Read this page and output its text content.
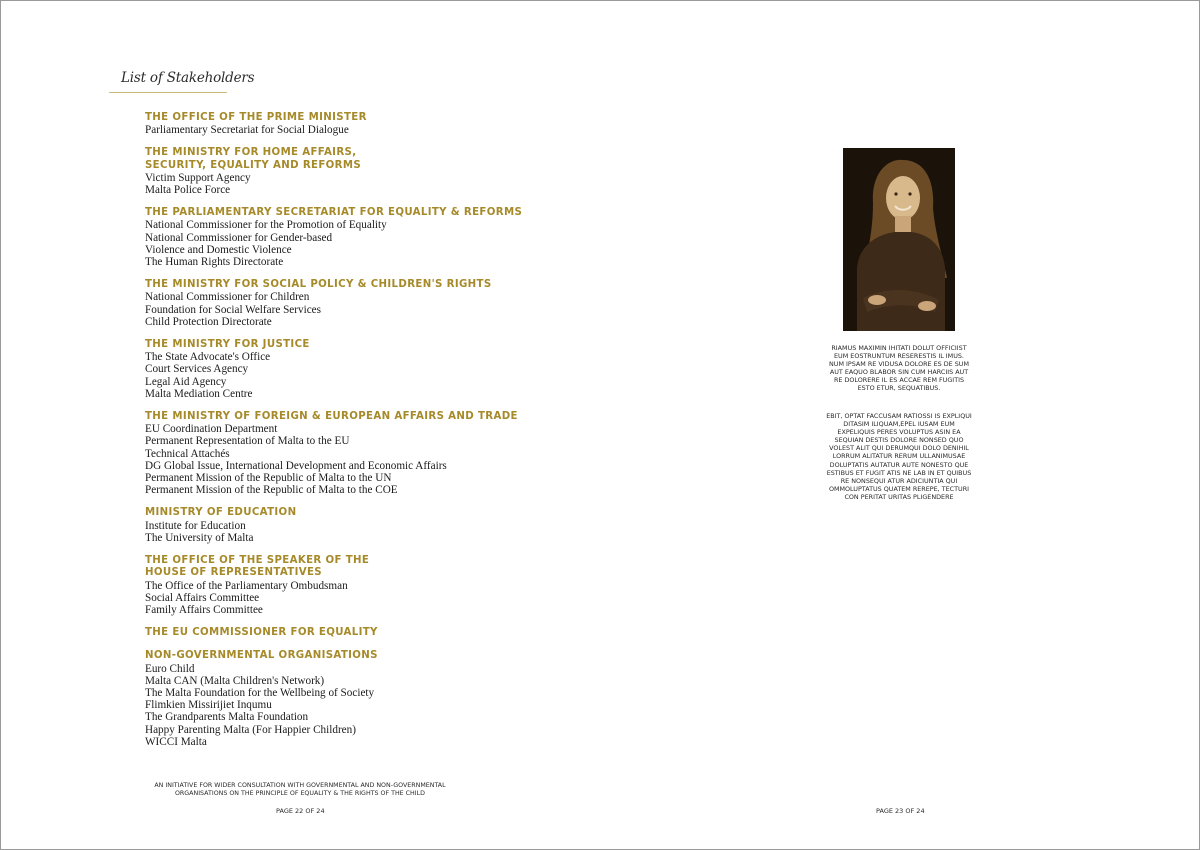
List of Stakeholders
THE OFFICE OF THE PRIME MINISTER
Parliamentary Secretariat for Social Dialogue
THE MINISTRY FOR HOME AFFAIRS,
SECURITY, EQUALITY AND REFORMS
Victim Support Agency
Malta Police Force
THE PARLIAMENTARY SECRETARIAT FOR EQUALITY & REFORMS
National Commissioner for the Promotion of Equality
National Commissioner for Gender-based
Violence and Domestic Violence
The Human Rights Directorate
THE MINISTRY FOR SOCIAL POLICY & CHILDREN'S RIGHTS
National Commissioner for Children
Foundation for Social Welfare Services
Child Protection Directorate
THE MINISTRY FOR JUSTICE
The State Advocate's Office
Court Services Agency
Legal Aid Agency
Malta Mediation Centre
THE MINISTRY OF FOREIGN & EUROPEAN AFFAIRS AND TRADE
EU Coordination Department
Permanent Representation of Malta to the EU
Technical Attachés
DG Global Issue, International Development and Economic Affairs
Permanent Mission of the Republic of Malta to the UN
Permanent Mission of the Republic of Malta to the COE
MINISTRY OF EDUCATION
Institute for Education
The University of Malta
THE OFFICE OF THE SPEAKER OF THE
HOUSE OF REPRESENTATIVES
The Office of the Parliamentary Ombudsman
Social Affairs Committee
Family Affairs Committee
THE EU COMMISSIONER FOR EQUALITY
NON-GOVERNMENTAL ORGANISATIONS
Euro Child
Malta CAN (Malta Children's Network)
The Malta Foundation for the Wellbeing of Society
Flimkien Missirijiet Inqumu
The Grandparents Malta Foundation
Happy Parenting Malta (For Happier Children)
WICCI Malta
RIAMUS MAXIMIN IHITATI DOLUT OFFICIIST EUM EOSTRUNTUM RESERESTIS IL IMUS. NUM IPSAM RE VIDUSA DOLORE ES DE SUM AUT EAQUO BLABOR SIN CUM HARCIIS AUT RE DOLORERE IL ES ACCAE REM FUGITIS ESTO ETUR, SEQUATIBUS.
EBIT, OPTAT FACCUSAM RATIOSSI IS EXPLIQUI DITASIM ILIQUAM,EPEL IUSAM EUM EXPELIQUIS PERES VOLUPTUS ASIN EA SEQUIAN DESTIS DOLORE NONSED QUO VOLEST ALIT QUI DERUMQUI DOLO DENIHIL LORRUM ALITATUR RERUM ULLANIMUSAE DOLUPTATIS AUTATUR AUTE NONESTO QUE ESTIBUS ET FUGIT ATIS NE LAB IN ET QUIBUS RE NONSEQUI ATUR ADICIUNTIA QUI OMMOLUPTATUS QUATEM REREPE, TECTURI CON PERITAT URITAS PLIGENDERE
AN INITIATIVE FOR WIDER CONSULTATION WITH GOVERNMENTAL AND NON-GOVERNMENTAL
ORGANISATIONS ON THE PRINCIPLE OF EQUALITY & THE RIGHTS OF THE CHILD
PAGE 22 OF 24	PAGE 23 OF 24
